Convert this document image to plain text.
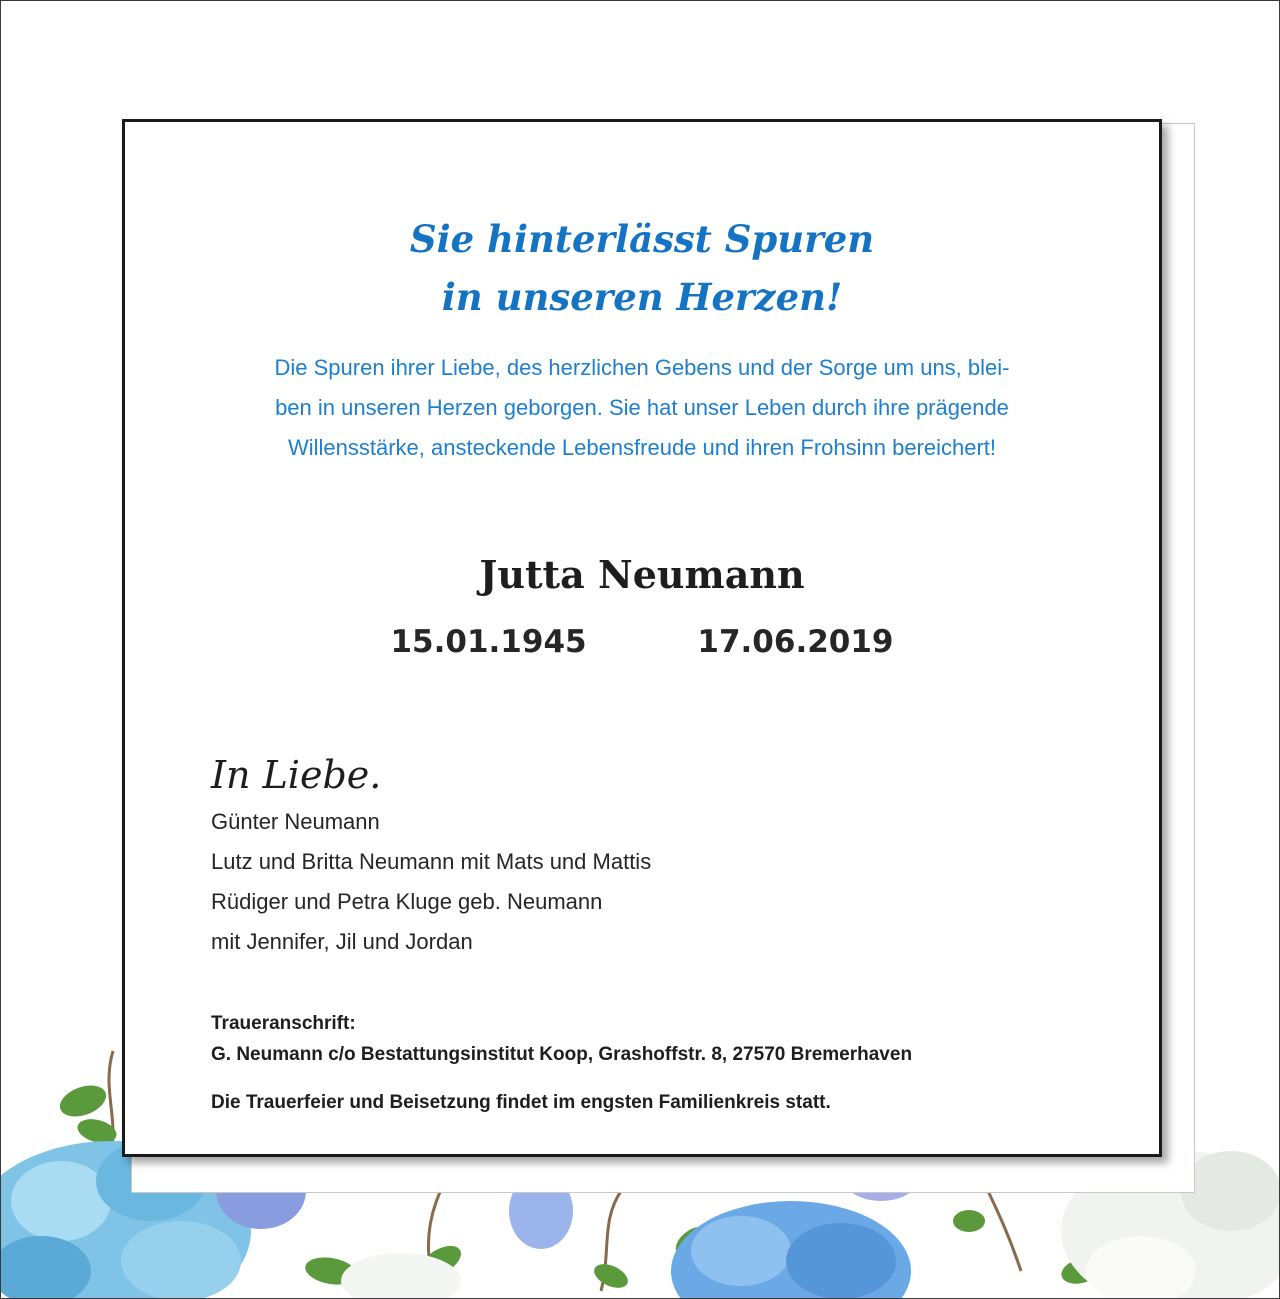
Sie hinterlässt Spuren
in unseren Herzen!
Die Spuren ihrer Liebe, des herzlichen Gebens und der Sorge um uns, blei-
ben in unseren Herzen geborgen. Sie hat unser Leben durch ihre prägende
Willensstärke, ansteckende Lebensfreude und ihren Frohsinn bereichert!
Jutta Neumann
15.01.1945	17.06.2019
In Liebe.
Günter Neumann
Lutz und Britta Neumann mit Mats und Mattis
Rüdiger und Petra Kluge geb. Neumann
mit Jennifer, Jil und Jordan
Traueranschrift:
G. Neumann c/o Bestattungsinstitut Koop, Grashoffstr. 8, 27570 Bremerhaven
Die Trauerfeier und Beisetzung findet im engsten Familienkreis statt.
